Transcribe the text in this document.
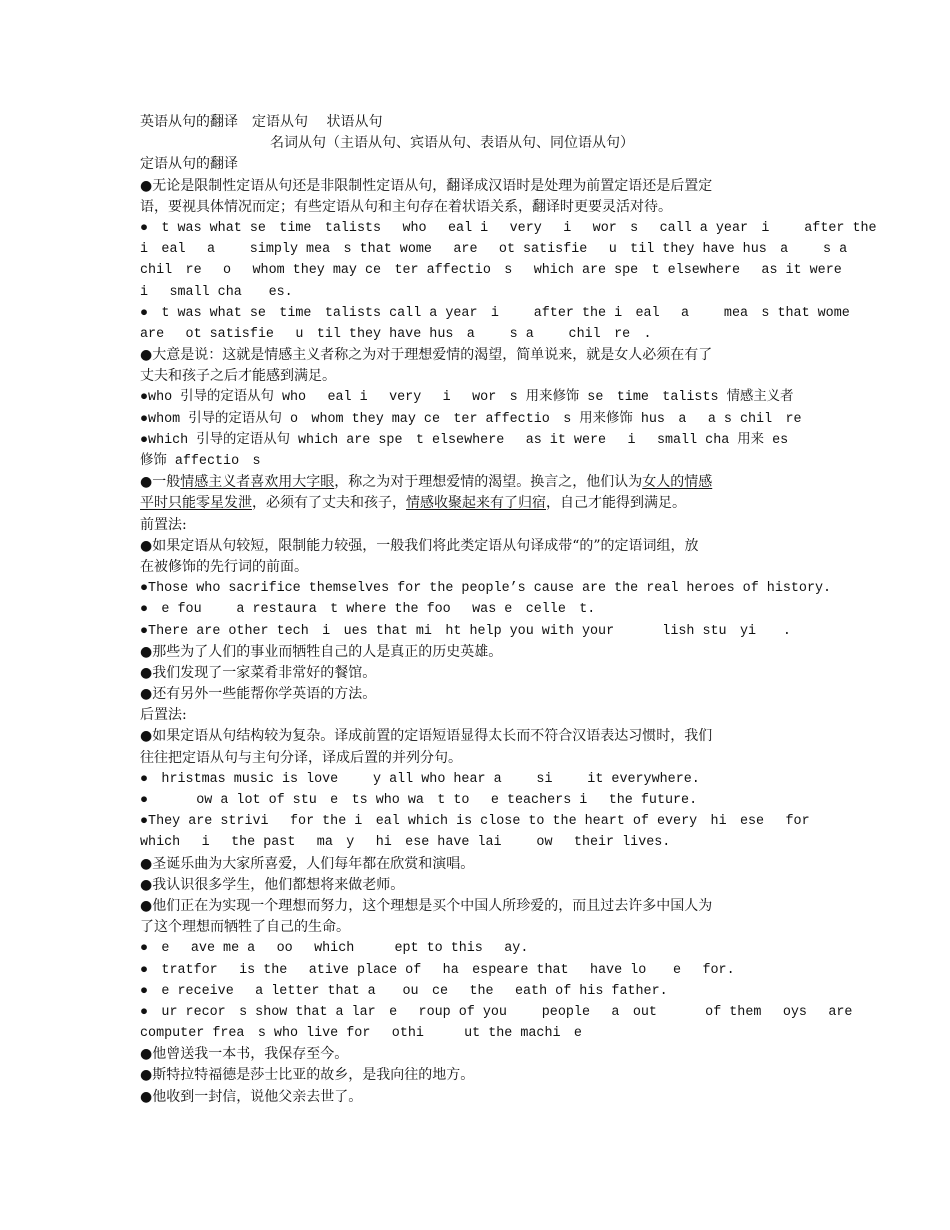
英语从句的翻译　定语从句　 状语从句
名词从句（主语从句、宾语从句、表语从句、同位语从句）
定语从句的翻译
●无论是限制性定语从句还是非限制性定语从句，翻译成汉语时是处理为前置定语还是后置定
语，要视具体情况而定；有些定语从句和主句存在着状语关系，翻译时更要灵活对待。
●　t was what se　time　talists　 who　 eal i　 very　 i　 wor　s　 call a year　i　 　after the
i　eal　 a　　 simply mea　s that wome　 are　 ot satisfie　 u　til they have hus　a　 　s a
chil　re　 o　 whom they may ce　ter affectio　s　 which are spe　t elsewhere　 as it were
i　 small cha　　es.
●　t was what se　time　talists call a year　i　　 after the i　eal　 a　　 mea　s that wome
are　 ot satisfie　 u　til they have hus　a　 　s a　　 chil　re　.
●大意是说：这就是情感主义者称之为对于理想爱情的渴望，简单说来，就是女人必须在有了
丈夫和孩子之后才能感到满足。
●who 引导的定语从句 who　 eal i　 very　 i　 wor　s 用来修饰 se　time　talists 情感主义者
●whom 引导的定语从句 o　whom they may ce　ter affectio　s 用来修饰 hus　a　 a s chil　re
●which 引导的定语从句 which are spe　t elsewhere　 as it were　 i　 small cha 用来 es
修饰 affectio　s
●一般情感主义者喜欢用大字眼，称之为对于理想爱情的渴望。换言之，他们认为女人的情感
平时只能零星发泄，必须有了丈夫和孩子，情感收聚起来有了归宿，自己才能得到满足。
前置法:
●如果定语从句较短，限制能力较强，一般我们将此类定语从句译成带“的”的定语词组，放
在被修饰的先行词的前面。
●Those who sacrifice themselves for the people’s cause are the real heroes of history.
●　e fou　　 a restaura　t where the foo　 was e　celle　t.
●There are other tech　i　ues that mi　ht help you with your　　　 lish stu　yi　　.
●那些为了人们的事业而牺牲自己的人是真正的历史英雄。
●我们发现了一家菜肴非常好的餐馆。
●还有另外一些能帮你学英语的方法。
后置法:
●如果定语从句结构较为复杂。译成前置的定语短语显得太长而不符合汉语表达习惯时，我们
往往把定语从句与主句分译，译成后置的并列分句。
●　hristmas music is love　　 y all who hear a　　 si　　 it everywhere.
●　　　 ow a lot of stu　e　ts who wa　t to　 e teachers i　 the future.
●They are strivi　 for the i　eal which is close to the heart of every　hi　ese　 for
which　 i　 the past　 ma　y　 hi　ese have lai　　 ow　 their lives.
●圣诞乐曲为大家所喜爱，人们每年都在欣赏和演唱。
●我认识很多学生，他们都想将来做老师。
●他们正在为实现一个理想而努力，这个理想是买个中国人所珍爱的，而且过去许多中国人为
了这个理想而牺牲了自己的生命。
●　e　 ave me a　 oo　 which　　　ept to this　 ay.
●　tratfor　 is the　 ative place of　 ha　espeare that　 have lo　　e　 for.
●　e receive　 a letter that a　　ou　ce　 the　 eath of his father.
●　ur recor　s show that a lar　e　 roup of you　　 people　 a　out　　　 of them　 oys　 are
computer frea　s who live for　 othi　　　ut the machi　e
●他曾送我一本书，我保存至今。
●斯特拉特福德是莎士比亚的故乡，是我向往的地方。
●他收到一封信，说他父亲去世了。
